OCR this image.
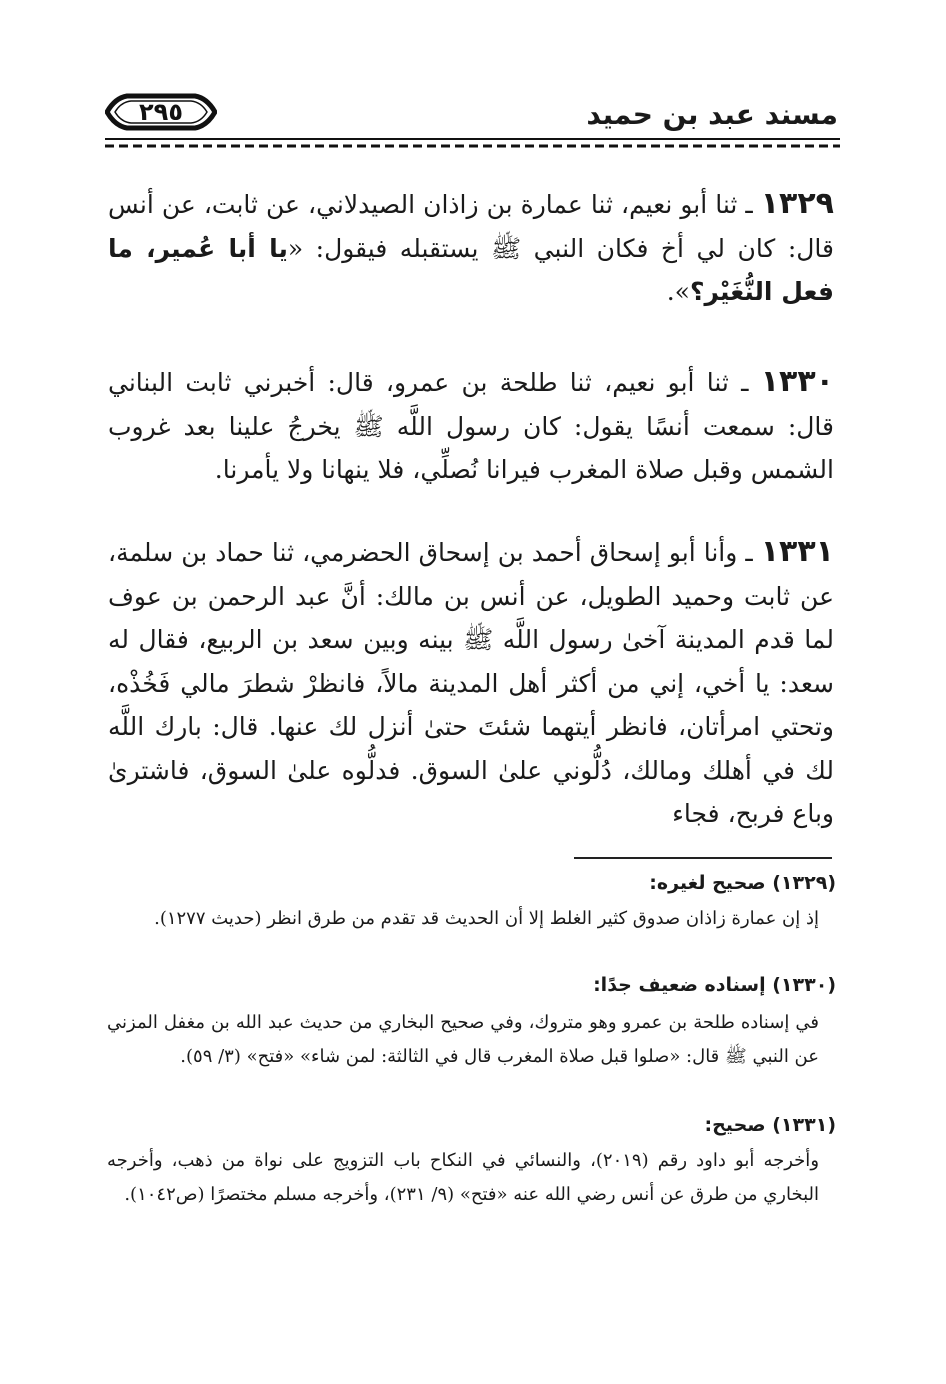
مسند عبد بن حميد
٢٩٥
١٣٢٩ ـ ثنا أبو نعيم، ثنا عمارة بن زاذان الصيدلاني، عن ثابت، عن أنس قال: كان لي أخ فكان النبي ﷺ يستقبله فيقول: «يا أبا عُمير، ما فعل النُّغَيْر؟».
١٣٣٠ ـ ثنا أبو نعيم، ثنا طلحة بن عمرو، قال: أخبرني ثابت البناني قال: سمعت أنسًا يقول: كان رسول اللَّه ﷺ يخرجُ علينا بعد غروب الشمس وقبل صلاة المغرب فيرانا نُصلِّي، فلا ينهانا ولا يأمرنا.
١٣٣١ ـ وأنا أبو إسحاق أحمد بن إسحاق الحضرمي، ثنا حماد بن سلمة، عن ثابت وحميد الطويل، عن أنس بن مالك: أنَّ عبد الرحمن بن عوف لما قدم المدينة آخىٰ رسول اللَّه ﷺ بينه وبين سعد بن الربيع، فقال له سعد: يا أخي، إني من أكثر أهل المدينة مالاً، فانظرْ شطرَ مالي فَخُذْه، وتحتي امرأتان، فانظر أيتهما شئتَ حتىٰ أنزل لك عنها. قال: بارك اللَّه لك في أهلك ومالك، دُلُّوني علىٰ السوق. فدلُّوه علىٰ السوق، فاشترىٰ وباع فربح، فجاء
(١٣٢٩) صحيح لغيره:
إذ إن عمارة زاذان صدوق كثير الغلط إلا أن الحديث قد تقدم من طرق انظر (حديث ١٢٧٧).
(١٣٣٠) إسناده ضعيف جدًا:
في إسناده طلحة بن عمرو وهو متروك، وفي صحيح البخاري من حديث عبد الله بن مغفل المزني عن النبي ﷺ قال: «صلوا قبل صلاة المغرب قال في الثالثة: لمن شاء» «فتح» (٣/ ٥٩).
(١٣٣١) صحيح:
وأخرجه أبو داود رقم (٢٠١٩)، والنسائي في النكاح باب التزويج على نواة من ذهب، وأخرجه البخاري من طرق عن أنس رضي الله عنه «فتح» (٩/ ٢٣١)، وأخرجه مسلم مختصرًا (ص١٠٤٢).
